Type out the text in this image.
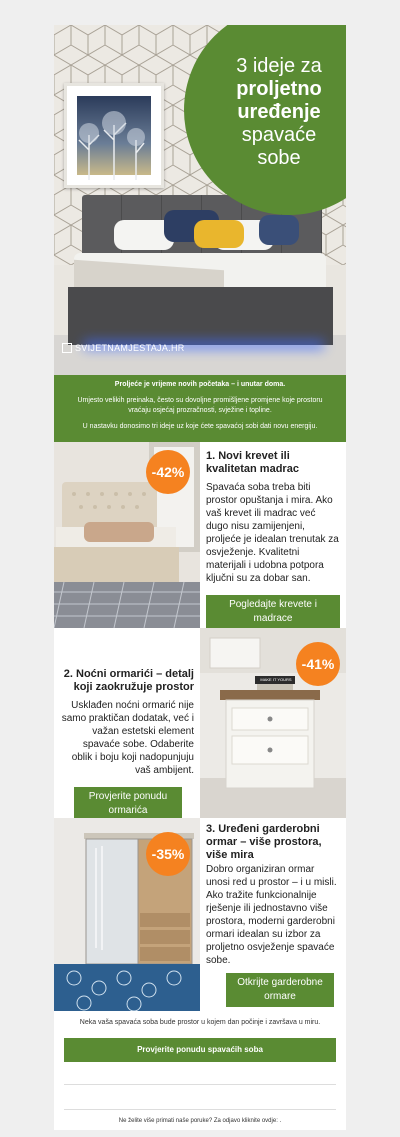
3 ideje za
proljetno
uređenje
spavaće
sobe
SVIJETNAMJESTAJA.HR

Proljeće je vrijeme novih početaka – i unutar doma.

Umjesto velikih preinaka, često su dovoljne promišljene promjene koje prostoru vraćaju osjećaj prozračnosti, svježine i topline.

U nastavku donosimo tri ideje uz koje ćete spavaćoj sobi dati novu energiju.

-42%
1. Novi krevet ili kvalitetan madrac
Spavaća soba treba biti prostor opuštanja i mira. Ako vaš krevet ili madrac već dugo nisu zamijenjeni, proljeće je idealan trenutak za osvježenje. Kvalitetni materijali i udobna potpora ključni su za dobar san.
Pogledajte krevete i madrace
2. Noćni ormarići – detalj koji zaokružuje prostor
Usklađen noćni ormarić nije samo praktičan dodatak, već i važan estetski element spavaće sobe. Odaberite oblik i boju koji nadopunjuju vaš ambijent.
Provjerite ponudu ormarića
MAKE IT YOURS
-41%
-35%
3. Uređeni garderobni ormar – više prostora, više mira
Dobro organiziran ormar unosi red u prostor – i u misli. Ako tražite funkcionalnije rješenje ili jednostavno više prostora, moderni garderobni ormari idealan su izbor za proljetno osvježenje spavaće sobe.
Otkrijte garderobne ormare
Neka vaša spavaća soba bude prostor u kojem dan počinje i završava u miru.
Provjerite ponudu spavaćih soba
Ne želite više primati naše poruke? Za odjavo kliknite ovdje: .
